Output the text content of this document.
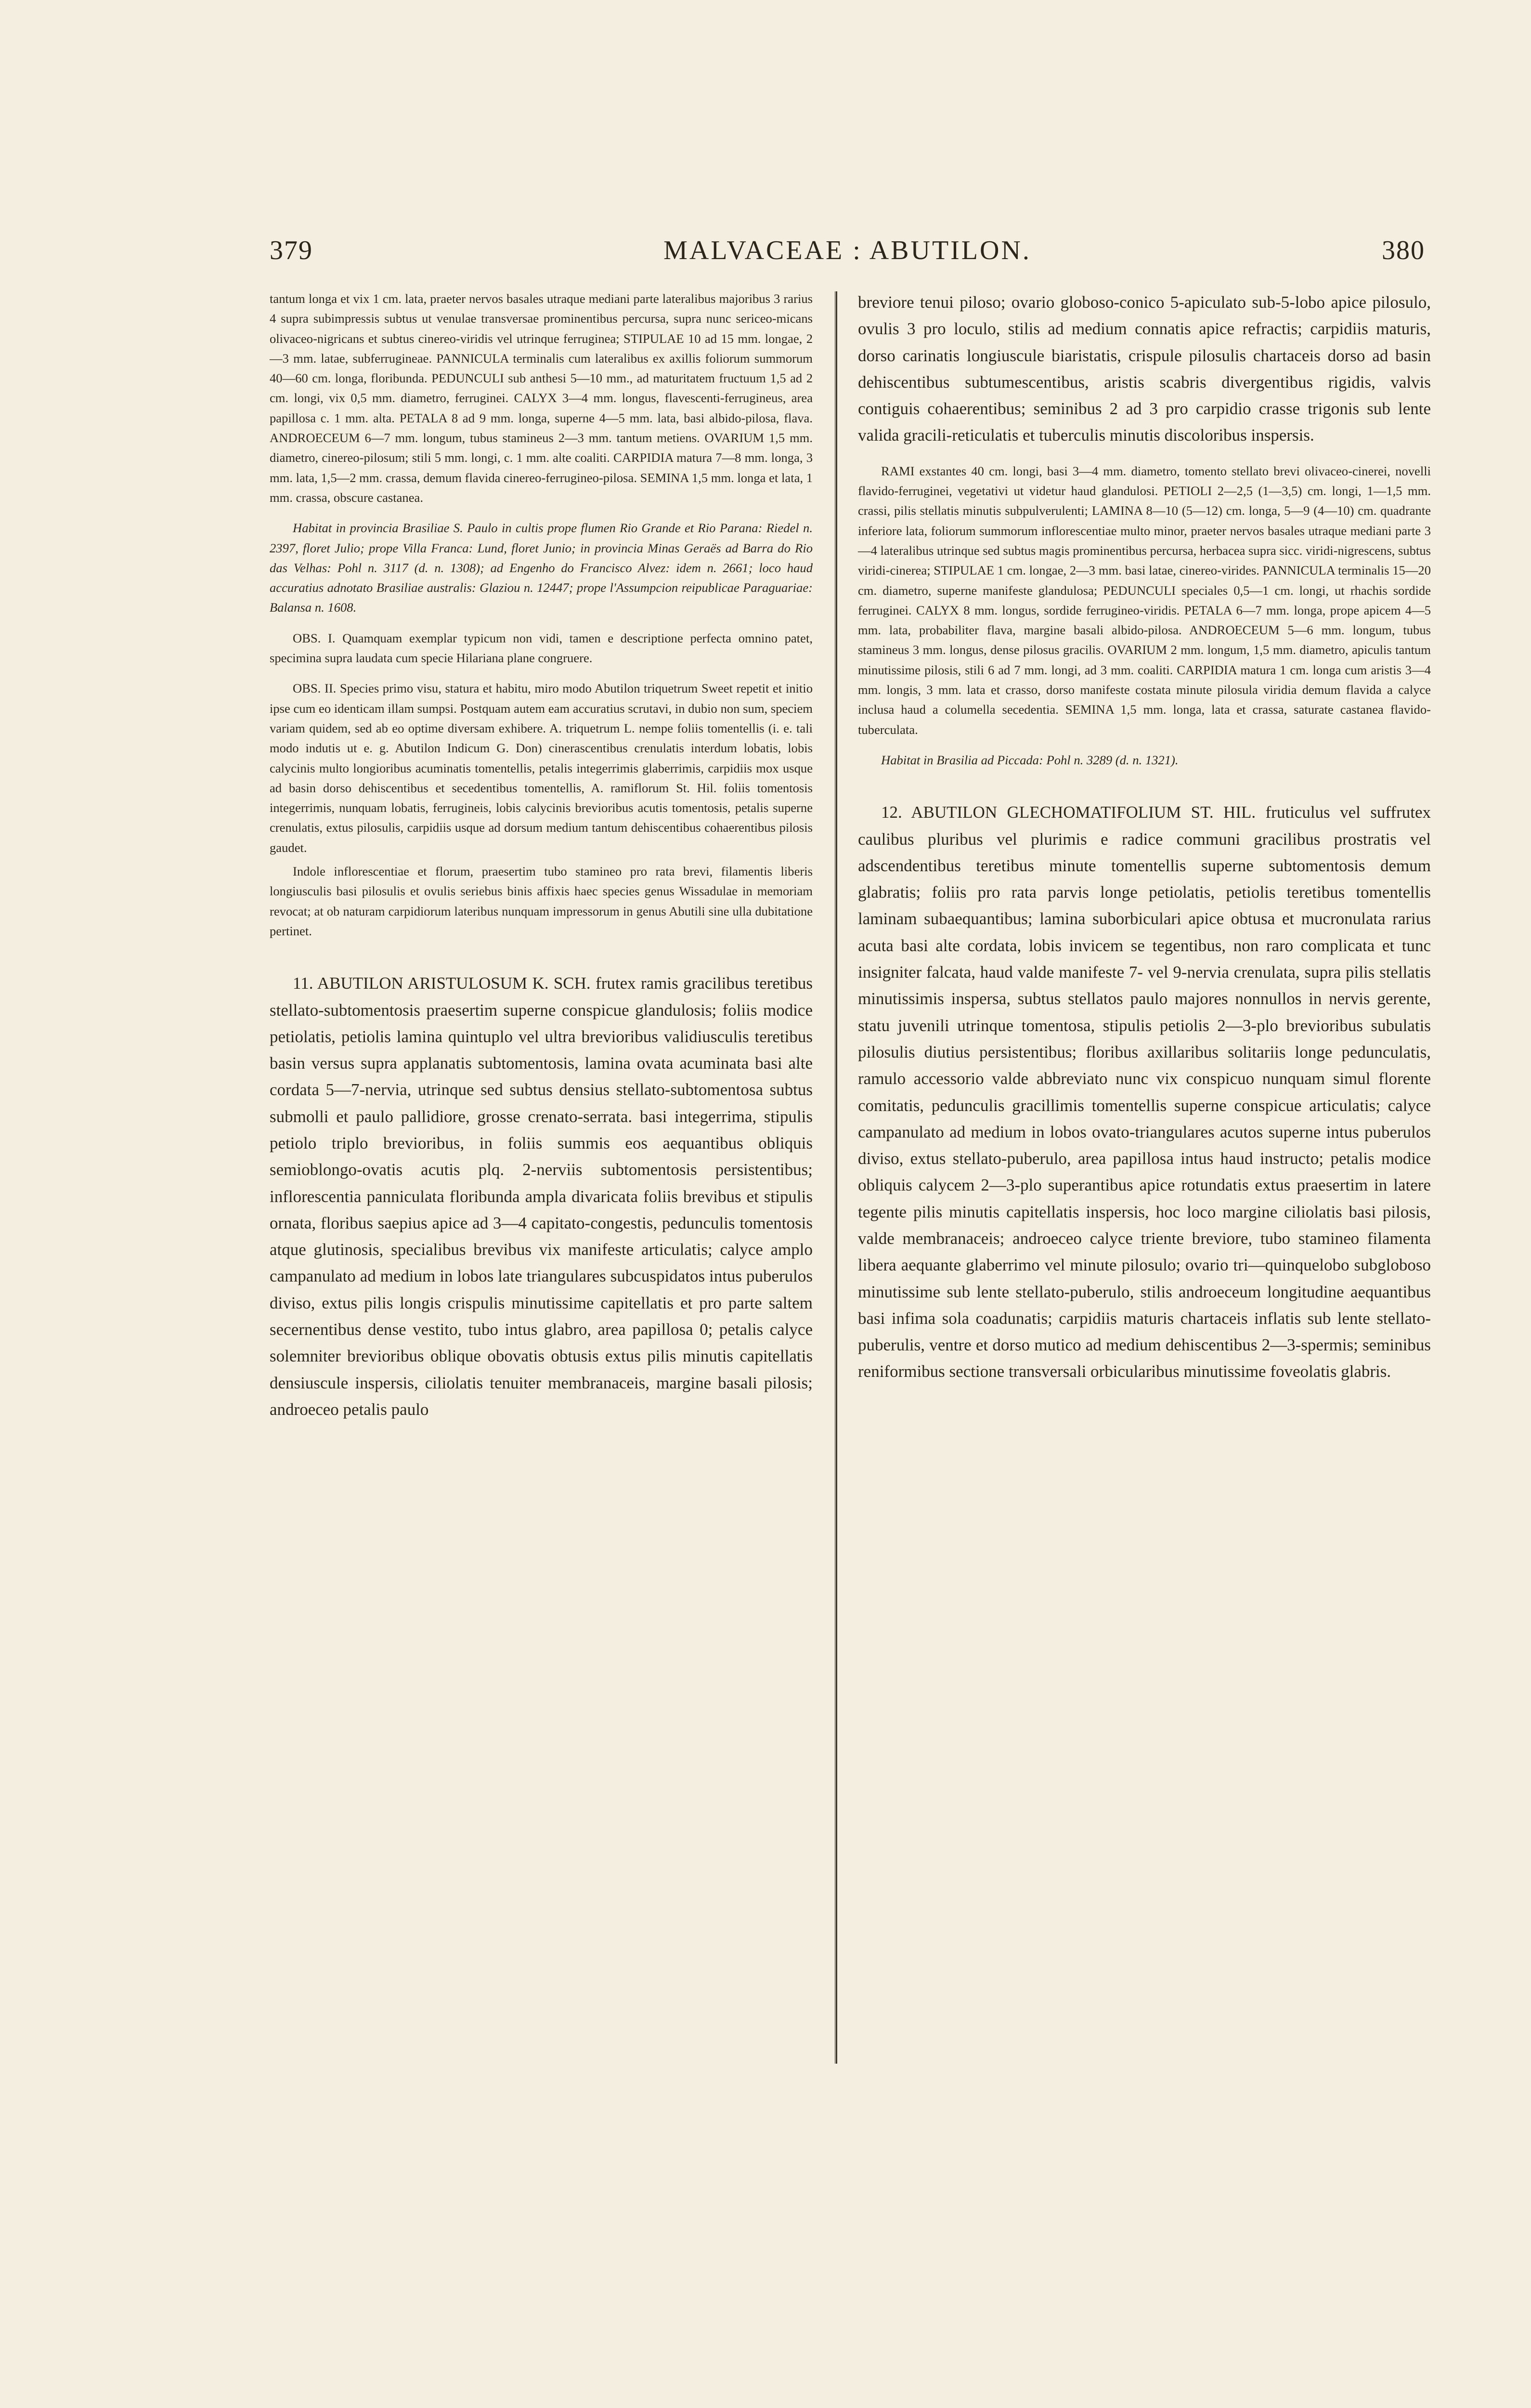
379	MALVACEAE : ABUTILON.	380

tantum longa et vix 1 cm. lata, praeter nervos basales utraque mediani parte lateralibus majoribus 3 rarius 4 supra subimpressis subtus ut venulae transversae prominentibus percursa, supra nunc sericeo-micans olivaceo-nigricans et subtus cinereo-viridis vel utrinque ferruginea; STIPULAE 10 ad 15 mm. longae, 2—3 mm. latae, subferrugineae. PANNICULA terminalis cum lateralibus ex axillis foliorum summorum 40—60 cm. longa, floribunda. PEDUNCULI sub anthesi 5—10 mm., ad maturitatem fructuum 1,5 ad 2 cm. longi, vix 0,5 mm. diametro, ferruginei. CALYX 3—4 mm. longus, flavescenti-ferrugineus, area papillosa c. 1 mm. alta. PETALA 8 ad 9 mm. longa, superne 4—5 mm. lata, basi albido-pilosa, flava. ANDROECEUM 6—7 mm. longum, tubus stamineus 2—3 mm. tantum metiens. OVARIUM 1,5 mm. diametro, cinereo-pilosum; stili 5 mm. longi, c. 1 mm. alte coaliti. CARPIDIA matura 7—8 mm. longa, 3 mm. lata, 1,5—2 mm. crassa, demum flavida cinereo-ferrugineo-pilosa. SEMINA 1,5 mm. longa et lata, 1 mm. crassa, obscure castanea.

Habitat in provincia Brasiliae S. Paulo in cultis prope flumen Rio Grande et Rio Parana: Riedel n. 2397, floret Julio; prope Villa Franca: Lund, floret Junio; in provincia Minas Geraës ad Barra do Rio das Velhas: Pohl n. 3117 (d. n. 1308); ad Engenho do Francisco Alvez: idem n. 2661; loco haud accuratius adnotato Brasiliae australis: Glaziou n. 12447; prope l'Assumpcion reipublicae Paraguariae: Balansa n. 1608.

OBS. I. Quamquam exemplar typicum non vidi, tamen e descriptione perfecta omnino patet, specimina supra laudata cum specie Hilariana plane congruere.

OBS. II. Species primo visu, statura et habitu, miro modo Abutilon triquetrum Sweet repetit et initio ipse cum eo identicam illam sumpsi. Postquam autem eam accuratius scrutavi, in dubio non sum, speciem variam quidem, sed ab eo optime diversam exhibere. A. triquetrum L. nempe foliis tomentellis (i. e. tali modo indutis ut e. g. Abutilon Indicum G. Don) cinerascentibus crenulatis interdum lobatis, lobis calycinis multo longioribus acuminatis tomentellis, petalis integerrimis glaberrimis, carpidiis mox usque ad basin dorso dehiscentibus et secedentibus tomentellis, A. ramiflorum St. Hil. foliis tomentosis integerrimis, nunquam lobatis, ferrugineis, lobis calycinis brevioribus acutis tomentosis, petalis superne crenulatis, extus pilosulis, carpidiis usque ad dorsum medium tantum dehiscentibus cohaerentibus pilosis gaudet.

Indole inflorescentiae et florum, praesertim tubo stamineo pro rata brevi, filamentis liberis longiusculis basi pilosulis et ovulis seriebus binis affixis haec species genus Wissadulae in memoriam revocat; at ob naturam carpidiorum lateribus nunquam impressorum in genus Abutili sine ulla dubitatione pertinet.

11. ABUTILON ARISTULOSUM K. SCH. frutex ramis gracilibus teretibus stellato-subtomentosis praesertim superne conspicue glandulosis; foliis modice petiolatis, petiolis lamina quintuplo vel ultra brevioribus validiusculis teretibus basin versus supra applanatis subtomentosis, lamina ovata acuminata basi alte cordata 5—7-nervia, utrinque sed subtus densius stellato-subtomentosa subtus submolli et paulo pallidiore, grosse crenato-serrata. basi integerrima, stipulis petiolo triplo brevioribus, in foliis summis eos aequantibus obliquis semioblongo-ovatis acutis plq. 2-nerviis subtomentosis persistentibus; inflorescentia panniculata floribunda ampla divaricata foliis brevibus et stipulis ornata, floribus saepius apice ad 3—4 capitato-congestis, pedunculis tomentosis atque glutinosis, specialibus brevibus vix manifeste articulatis; calyce amplo campanulato ad medium in lobos late triangulares subcuspidatos intus puberulos diviso, extus pilis longis crispulis minutissime capitellatis et pro parte saltem secernentibus dense vestito, tubo intus glabro, area papillosa 0; petalis calyce solemniter brevioribus oblique obovatis obtusis extus pilis minutis capitellatis densiuscule inspersis, ciliolatis tenuiter membranaceis, margine basali pilosis; androeceo petalis paulo

breviore tenui piloso; ovario globoso-conico 5-apiculato sub-5-lobo apice pilosulo, ovulis 3 pro loculo, stilis ad medium connatis apice refractis; carpidiis maturis, dorso carinatis longiuscule biaristatis, crispule pilosulis chartaceis dorso ad basin dehiscentibus subtumescentibus, aristis scabris divergentibus rigidis, valvis contiguis cohaerentibus; seminibus 2 ad 3 pro carpidio crasse trigonis sub lente valida gracili-reticulatis et tuberculis minutis discoloribus inspersis.

RAMI exstantes 40 cm. longi, basi 3—4 mm. diametro, tomento stellato brevi olivaceo-cinerei, novelli flavido-ferruginei, vegetativi ut videtur haud glandulosi. PETIOLI 2—2,5 (1—3,5) cm. longi, 1—1,5 mm. crassi, pilis stellatis minutis subpulverulenti; LAMINA 8—10 (5—12) cm. longa, 5—9 (4—10) cm. quadrante inferiore lata, foliorum summorum inflorescentiae multo minor, praeter nervos basales utraque mediani parte 3—4 lateralibus utrinque sed subtus magis prominentibus percursa, herbacea supra sicc. viridi-nigrescens, subtus viridi-cinerea; STIPULAE 1 cm. longae, 2—3 mm. basi latae, cinereo-virides. PANNICULA terminalis 15—20 cm. diametro, superne manifeste glandulosa; PEDUNCULI speciales 0,5—1 cm. longi, ut rhachis sordide ferruginei. CALYX 8 mm. longus, sordide ferrugineo-viridis. PETALA 6—7 mm. longa, prope apicem 4—5 mm. lata, probabiliter flava, margine basali albido-pilosa. ANDROECEUM 5—6 mm. longum, tubus stamineus 3 mm. longus, dense pilosus gracilis. OVARIUM 2 mm. longum, 1,5 mm. diametro, apiculis tantum minutissime pilosis, stili 6 ad 7 mm. longi, ad 3 mm. coaliti. CARPIDIA matura 1 cm. longa cum aristis 3—4 mm. longis, 3 mm. lata et crasso, dorso manifeste costata minute pilosula viridia demum flavida a calyce inclusa haud a columella secedentia. SEMINA 1,5 mm. longa, lata et crassa, saturate castanea flavido-tuberculata.

Habitat in Brasilia ad Piccada: Pohl n. 3289 (d. n. 1321).

12. ABUTILON GLECHOMATIFOLIUM ST. HIL. fruticulus vel suffrutex caulibus pluribus vel plurimis e radice communi gracilibus prostratis vel adscendentibus teretibus minute tomentellis superne subtomentosis demum glabratis; foliis pro rata parvis longe petiolatis, petiolis teretibus tomentellis laminam subaequantibus; lamina suborbiculari apice obtusa et mucronulata rarius acuta basi alte cordata, lobis invicem se tegentibus, non raro complicata et tunc insigniter falcata, haud valde manifeste 7- vel 9-nervia crenulata, supra pilis stellatis minutissimis inspersa, subtus stellatos paulo majores nonnullos in nervis gerente, statu juvenili utrinque tomentosa, stipulis petiolis 2—3-plo brevioribus subulatis pilosulis diutius persistentibus; floribus axillaribus solitariis longe pedunculatis, ramulo accessorio valde abbreviato nunc vix conspicuo nunquam simul florente comitatis, pedunculis gracillimis tomentellis superne conspicue articulatis; calyce campanulato ad medium in lobos ovato-triangulares acutos superne intus puberulos diviso, extus stellato-puberulo, area papillosa intus haud instructo; petalis modice obliquis calycem 2—3-plo superantibus apice rotundatis extus praesertim in latere tegente pilis minutis capitellatis inspersis, hoc loco margine ciliolatis basi pilosis, valde membranaceis; androeceo calyce triente breviore, tubo stamineo filamenta libera aequante glaberrimo vel minute pilosulo; ovario tri—quinquelobo subgloboso minutissime sub lente stellato-puberulo, stilis androeceum longitudine aequantibus basi infima sola coadunatis; carpidiis maturis chartaceis inflatis sub lente stellato-puberulis, ventre et dorso mutico ad medium dehiscentibus 2—3-spermis; seminibus reniformibus sectione transversali orbicularibus minutissime foveolatis glabris.
